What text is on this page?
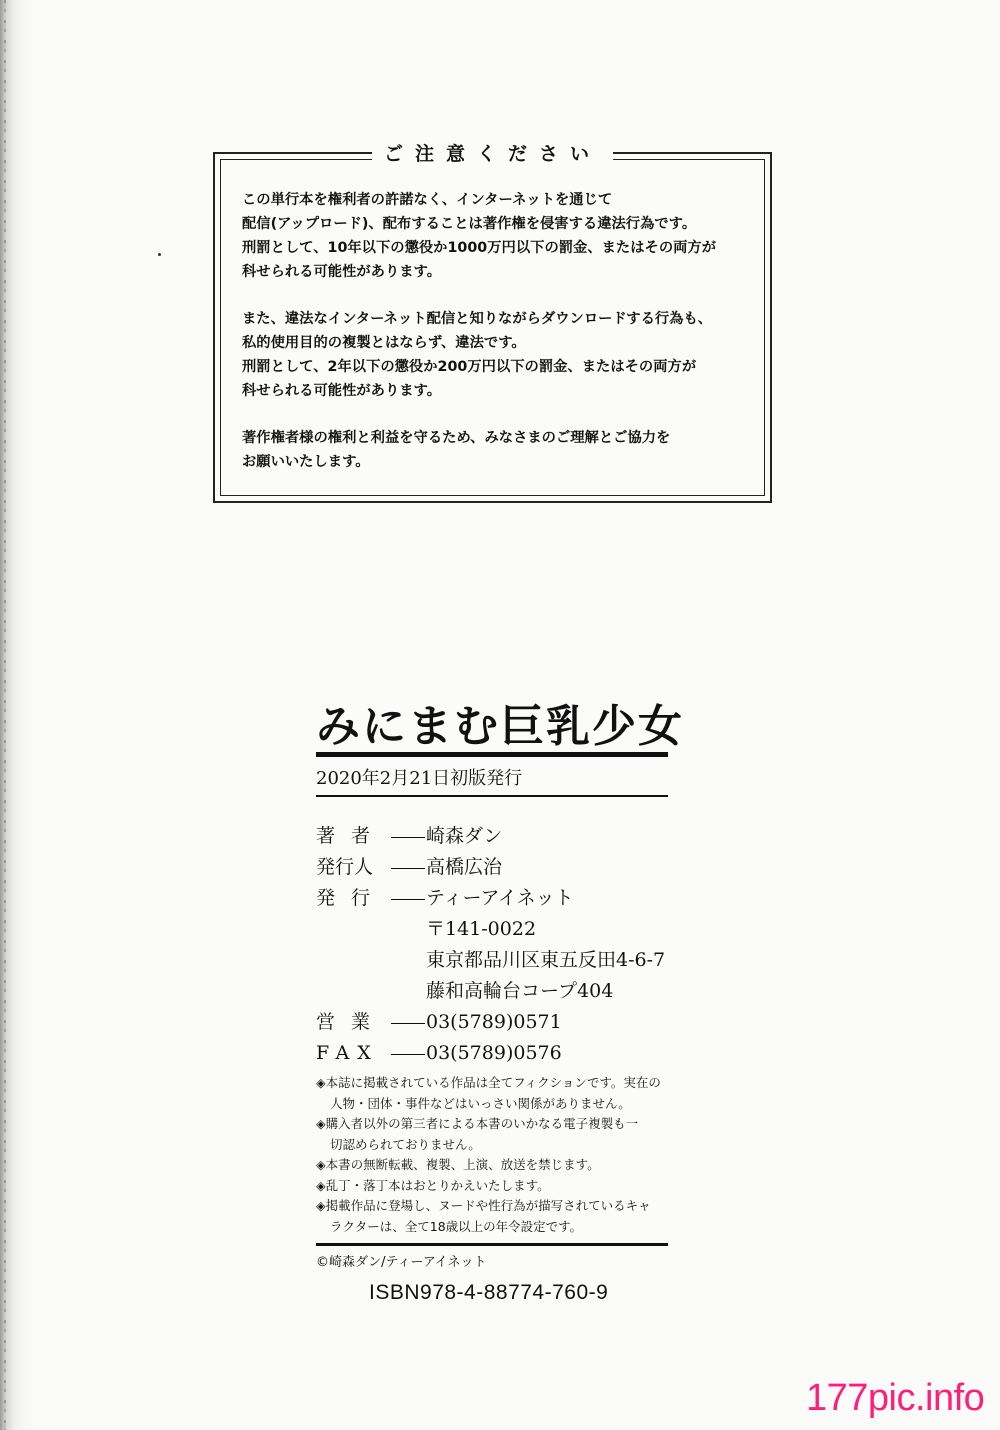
ご注意ください

この単行本を権利者の許諾なく、インターネットを通じて
配信(アップロード)、配布することは著作権を侵害する違法行為です。
刑罰として、10年以下の懲役か1000万円以下の罰金、またはその両方が
科せられる可能性があります。

また、違法なインターネット配信と知りながらダウンロードする行為も、
私的使用目的の複製とはならず、違法です。
刑罰として、2年以下の懲役か200万円以下の罰金、またはその両方が
科せられる可能性があります。

著作権者様の権利と利益を守るため、みなさまのご理解とご協力を
お願いいたします。

みにまむ巨乳少女
2020年2月21日初版発行
著者 崎森ダン
発行人	高橋広治
発行 ティーアイネット
〒141-0022
東京都品川区東五反田4-6-7
藤和高輪台コープ404
営業 03(5789)0571
FAX 03(5789)0576
◈本誌に掲載されている作品は全てフィクションです。実在の
人物・団体・事件などはいっさい関係がありません。
◈購入者以外の第三者による本書のいかなる電子複製も一
切認められておりません。
◈本書の無断転載、複製、上演、放送を禁じます。
◈乱丁・落丁本はおとりかえいたします。
◈掲載作品に登場し、ヌードや性行為が描写されているキャ
ラクターは、全て18歳以上の年令設定です。
©崎森ダン/ティーアイネット
ISBN978-4-88774-760-9
177pic.info
